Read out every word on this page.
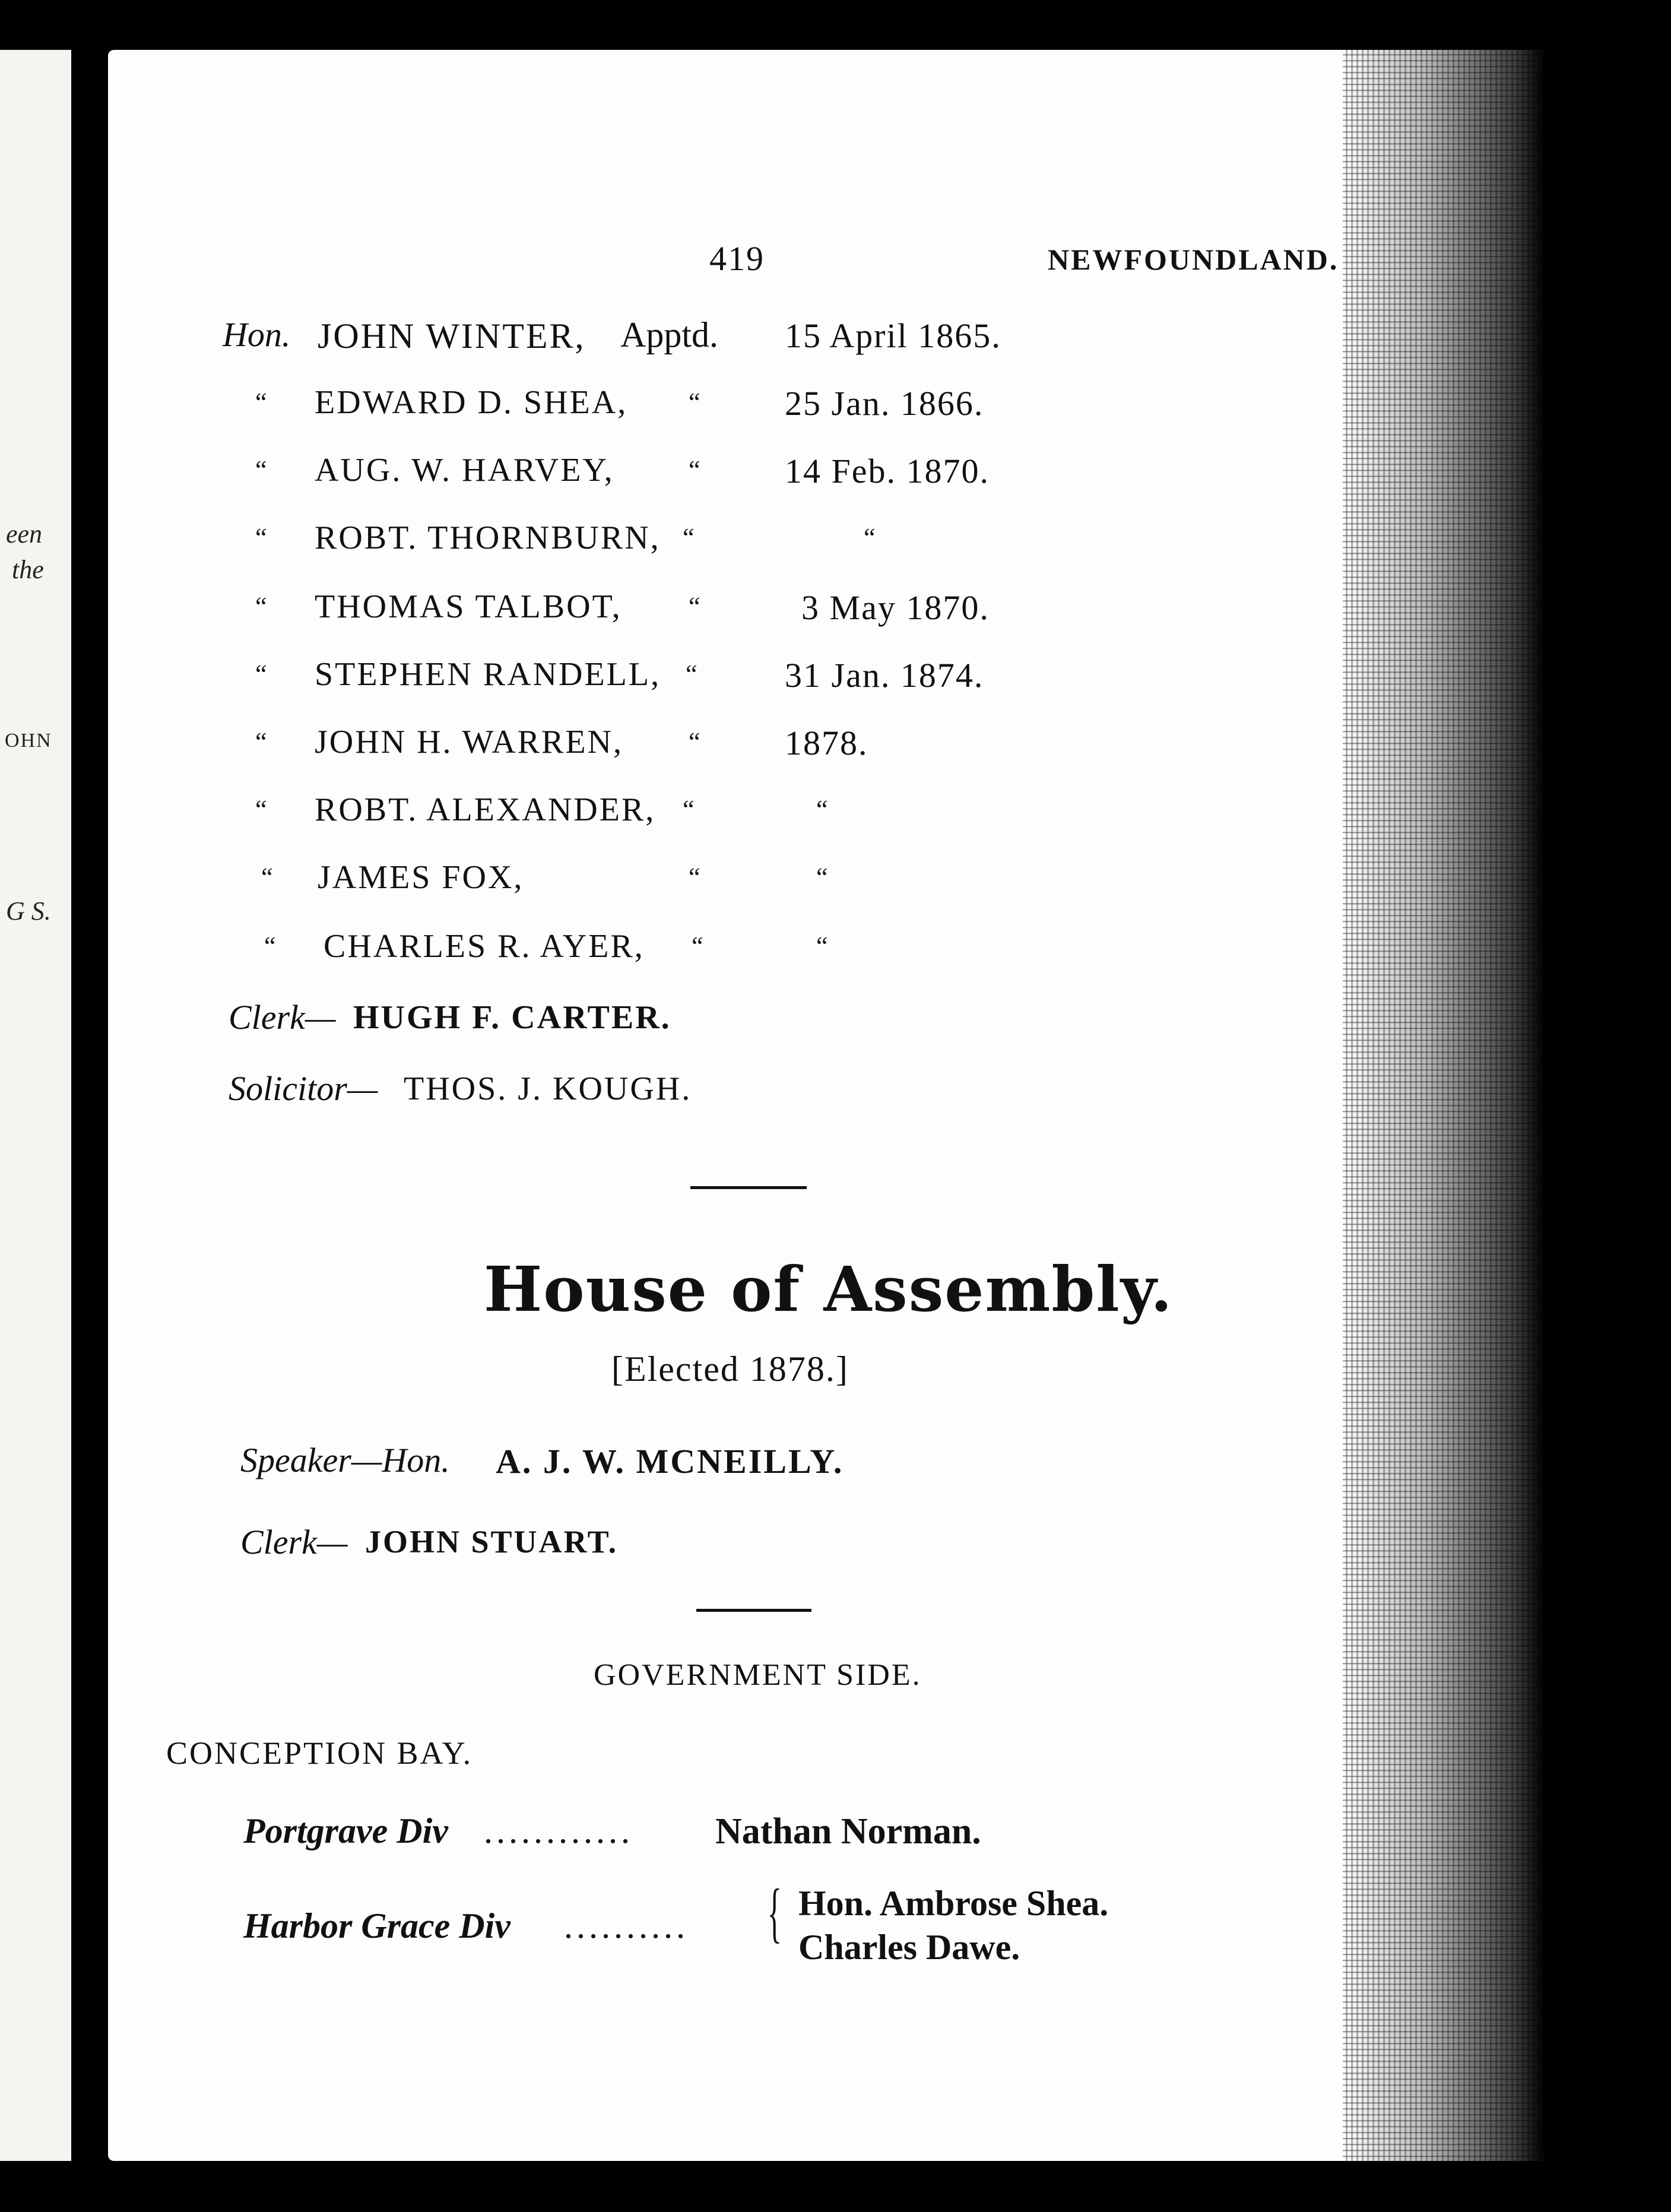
een
the
OHN
G S.
419	NEWFOUNDLAND.
Hon. JOHN WINTER, Apptd. 15 April 1865.
“ EDWARD D. SHEA, “ 25 Jan. 1866.
“ AUG. W. HARVEY,	“ 14 Feb. 1870.
“ ROBT. THORNBURN, “	“
“ THOMAS TALBOT,	“	3 May 1870.
“ STEPHEN RANDELL, “	31 Jan. 1874.
“ JOHN H. WARREN,	“ 1878.
“ ROBT. ALEXANDER, “	“
“ JAMES FOX,	“	“
“ CHARLES R. AYER, “	“
Clerk— HUGH F. CARTER.
Solicitor— THOS. J. KOUGH.
House of Assembly.
[Elected 1878.]
Speaker—Hon. A. J. W. MCNEILLY.
Clerk— JOHN STUART.
GOVERNMENT SIDE.
CONCEPTION BAY.
Portgrave Div ............ Nathan Norman.
Harbor Grace Div .......... { Hon. Ambrose Shea.
Charles Dawe.
